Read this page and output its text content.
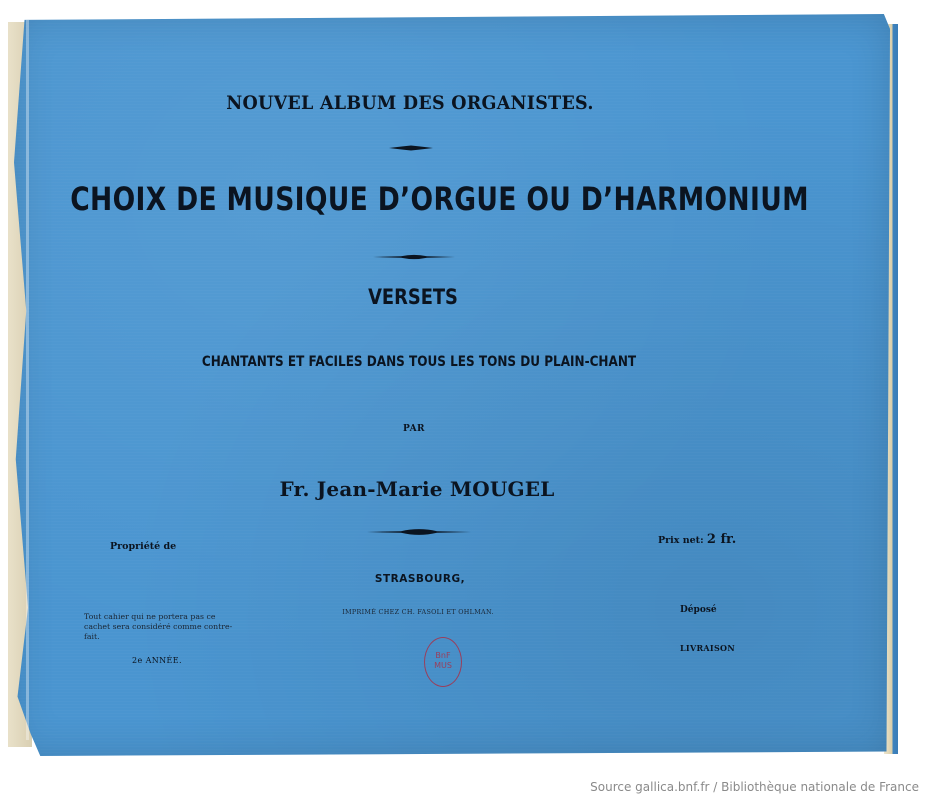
NOUVEL ALBUM DES ORGANISTES.
CHOIX DE MUSIQUE D’ORGUE OU D’HARMONIUM
VERSETS
CHANTANTS ET FACILES DANS TOUS LES TONS DU PLAIN-CHANT
PAR
Fr. Jean-Marie MOUGEL
Propriété de
Prix net: 2 fr.
STRASBOURG,
IMPRIMÉ CHEZ CH. FASOLI ET OHLMAN.
Tout cahier qui ne portera pas ce cachet sera considéré comme contre-fait.
2e ANNÉE.
Déposé
LIVRAISON
BnF
MUS
Source gallica.bnf.fr / Bibliothèque nationale de France
